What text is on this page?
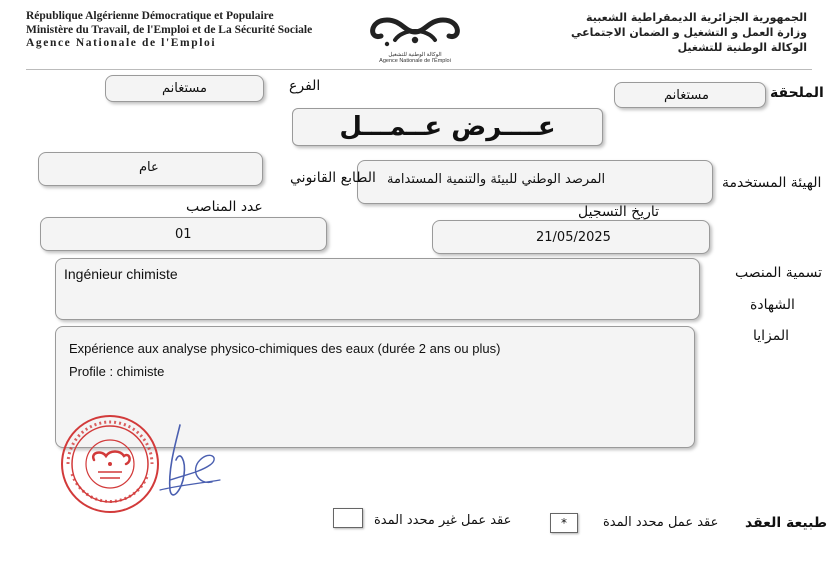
République Algérienne Démocratique et Populaire
Ministère du Travail, de l'Emploi et de La Sécurité Sociale
Agence Nationale de l'Emploi
الوكالة الوطنية للتشغيل
Agence Nationale de l'Emploi
الجمهورية الجزائرية الديمقراطية الشعبية
وزارة العمل و التشغيل و الضمان الاجتماعي
الوكالة الوطنية للتشغيل
الملحقة
مستغانم
الفرع
مستغانم
عــــرض عــمـــل
الهيئة المستخدمة
المرصد الوطني للبيئة والتنمية المستدامة
الطابع القانوني
عام
عدد المناصب
01
تاريخ التسجيل
21/05/2025
تسمية المنصب
Ingénieur chimiste
الشهادة
المزايا
Expérience aux analyse physico-chimiques des eaux (durée 2 ans ou plus)
Profile : chimiste
طبيعة العقد
عقد عمل محدد المدة
*
عقد عمل غير محدد المدة
